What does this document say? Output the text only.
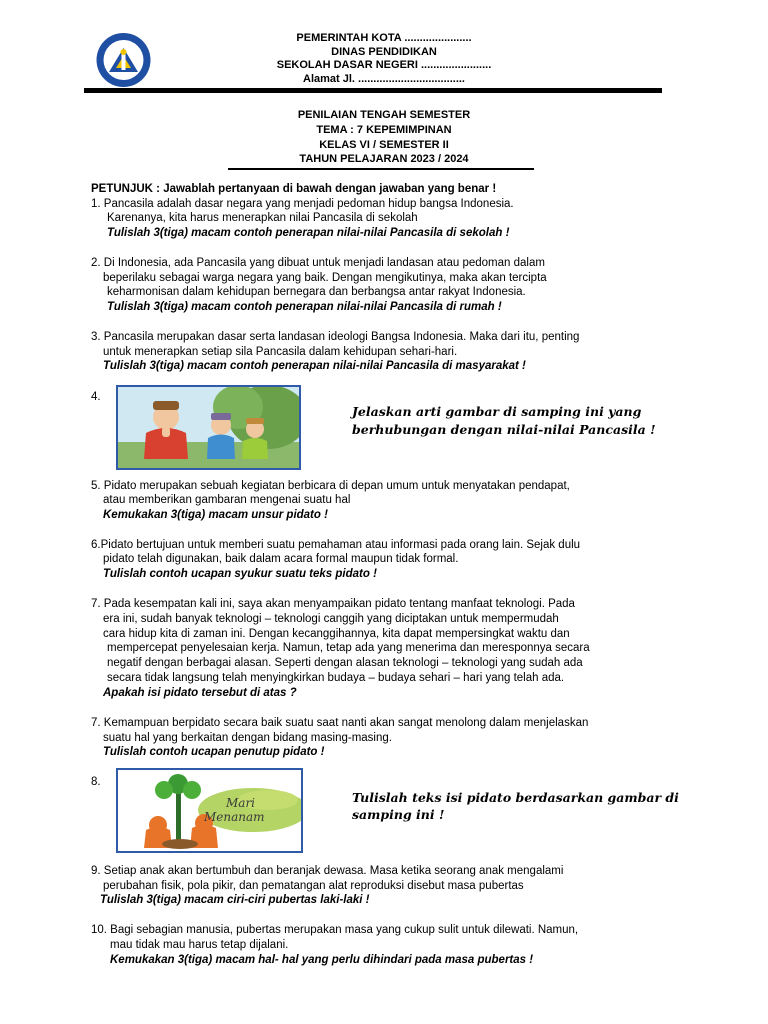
PEMERINTAH KOTA ......................
DINAS PENDIDIKAN
SEKOLAH DASAR NEGERI .......................
Alamat Jl. ...................................
PENILAIAN TENGAH SEMESTER
TEMA : 7 KEPEMIMPINAN
KELAS VI / SEMESTER II
TAHUN PELAJARAN 2023 / 2024
PETUNJUK : Jawablah pertanyaan di bawah dengan jawaban yang benar !
1. Pancasila adalah dasar negara yang menjadi pedoman hidup bangsa Indonesia.
Karenanya, kita harus menerapkan nilai Pancasila di sekolah
Tulislah 3(tiga) macam contoh penerapan nilai-nilai Pancasila di sekolah !
2. Di Indonesia, ada Pancasila yang dibuat untuk menjadi landasan atau pedoman dalam
beperilaku sebagai warga negara yang baik. Dengan mengikutinya, maka akan tercipta
keharmonisan dalam kehidupan bernegara dan berbangsa antar rakyat Indonesia.
Tulislah 3(tiga) macam contoh penerapan nilai-nilai Pancasila di rumah !
3. Pancasila merupakan dasar serta landasan ideologi Bangsa Indonesia. Maka dari itu, penting
untuk menerapkan setiap sila Pancasila dalam kehidupan sehari-hari.
Tulislah 3(tiga) macam contoh penerapan nilai-nilai Pancasila di masyarakat !
4.
Jelaskan arti gambar di samping ini yang
berhubungan dengan nilai-nilai Pancasila !
5. Pidato merupakan sebuah kegiatan berbicara di depan umum untuk menyatakan pendapat,
atau memberikan gambaran mengenai suatu hal
Kemukakan 3(tiga) macam unsur pidato !
6.Pidato bertujuan untuk memberi suatu pemahaman atau informasi pada orang lain. Sejak dulu
pidato telah digunakan, baik dalam acara formal maupun tidak formal.
Tulislah contoh ucapan syukur suatu teks pidato !
7. Pada kesempatan kali ini, saya akan menyampaikan pidato tentang manfaat teknologi. Pada
era ini, sudah banyak teknologi – teknologi canggih yang diciptakan untuk mempermudah
cara hidup kita di zaman ini. Dengan kecanggihannya, kita dapat mempersingkat waktu dan
mempercepat penyelesaian kerja. Namun, tetap ada yang menerima dan meresponnya secara
negatif dengan berbagai alasan. Seperti dengan alasan teknologi – teknologi yang sudah ada
secara tidak langsung telah menyingkirkan budaya – budaya sehari – hari yang telah ada.
Apakah isi pidato tersebut di atas ?
7. Kemampuan berpidato secara baik suatu saat nanti akan sangat menolong dalam menjelaskan
suatu hal yang berkaitan dengan bidang masing-masing.
Tulislah contoh ucapan penutup pidato !
8.
Mari
Menanam
Tulislah teks isi pidato berdasarkan gambar di
samping ini !
9. Setiap anak akan bertumbuh dan beranjak dewasa. Masa ketika seorang anak mengalami
perubahan fisik, pola pikir, dan pematangan alat reproduksi disebut masa pubertas
Tulislah 3(tiga) macam ciri-ciri pubertas laki-laki !
10. Bagi sebagian manusia, pubertas merupakan masa yang cukup sulit untuk dilewati. Namun,
mau tidak mau harus tetap dijalani.
Kemukakan 3(tiga) macam hal- hal yang perlu dihindari pada masa pubertas !
